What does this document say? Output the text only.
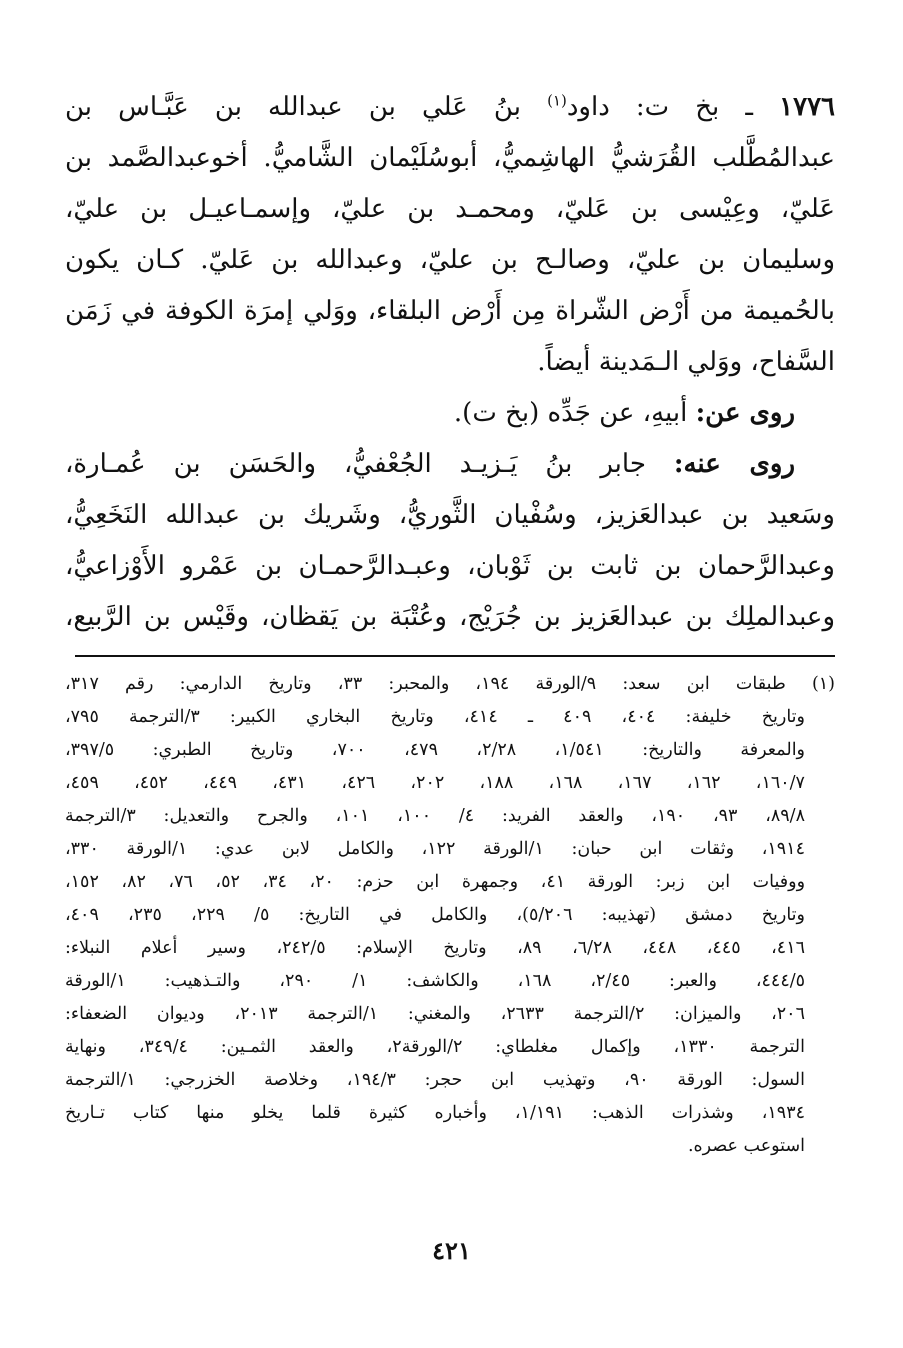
١٧٧٦ ـ بخ ت: داود$^{(١)}$ بنُ عَلي بن عبدالله بن عَبَّـاس بن
عبدالمُطَّلب القُرَشيُّ الهاشِميُّ، أبوسُلَيْمان الشَّاميُّ. أخوعبدالصَّمد بن
عَليّ، وعِيْسى بن عَليّ، ومحمـد بن عليّ، وإسمـاعيـل بن عليّ،
وسليمان بن عليّ، وصالـح بن عليّ، وعبدالله بن عَليّ. كـان يكون
بالحُميمة من أَرْض الشّراة مِن أَرْض البلقاء، ووَلي إمرَة الكوفة في زَمَن
السَّفاح، ووَلي الـمَدينة أيضاً.
روى عن: أبيهِ، عن جَدِّه (بخ ت).
روى عنه: جابر بنُ يَـزيـد الجُعْفيُّ، والحَسَن بن عُمـارة،
وسَعيد بن عبدالعَزيز، وسُفْيان الثَّوريُّ، وشَريك بن عبدالله النَخَعِيُّ،
وعبدالرَّحمان بن ثابت بن ثَوْبان، وعبـدالرَّحمـان بن عَمْرو الأَوْزاعيُّ،
وعبدالملِك بن عبدالعَزيز بن جُرَيْج، وعُتْبَة بن يَقظان، وقَيْس بن الرَّبيع،
(١) طبقات ابن سعد: ٩/الورقة ١٩٤، والمحبر: ٣٣، وتاريخ الدارمي: رقم ٣١٧،
وتاريخ خليفة: ٤٠٤، ٤٠٩ ـ ٤١٤، وتاريخ البخاري الكبير: ٣/الترجمة ٧٩٥،
والمعرفة والتاريخ: ١/٥٤١، ٢/٢٨، ٤٧٩، ٧٠٠، وتاريخ الطبري: ٣٩٧/٥،
١٦٠/٧، ١٦٢، ١٦٧، ١٦٨، ١٨٨، ٢٠٢، ٤٢٦، ٤٣١، ٤٤٩، ٤٥٢، ٤٥٩،
٨٩/٨، ٩٣، ١٩٠، والعقد الفريد: ٤/ ١٠٠، ١٠١، والجرح والتعديل: ٣/الترجمة
١٩١٤، وثقات ابن حبان: ١/الورقة ١٢٢، والكامل لابن عدي: ١/الورقة ٣٣٠،
ووفيات ابن زبر: الورقة ٤١، وجمهرة ابن حزم: ٢٠، ٣٤، ٥٢، ٧٦، ٨٢، ١٥٢،
وتاريخ دمشق (تهذيبه: ٥/٢٠٦)، والكامل في التاريخ: ٥/ ٢٢٩، ٢٣٥، ٤٠٩،
٤١٦، ٤٤٥، ٤٤٨، ٦/٢٨، ٨٩، وتاريخ الإسلام: ٢٤٢/٥، وسير أعلام النبلاء:
٤٤٤/٥، والعبر: ٢/٤٥، ١٦٨، والكاشف: ١/ ٢٩٠، والتـذهيب: ١/الورقة
٢٠٦، والميزان: ٢/الترجمة ٢٦٣٣، والمغني: ١/الترجمة ٢٠١٣، وديوان الضعفاء:
الترجمة ١٣٣٠، وإكمال مغلطاي: ٢/الورقة٢، والعقد الثمـين: ٣٤٩/٤، ونهاية
السول: الورقة ٩٠، وتهذيب ابن حجر: ١٩٤/٣، وخلاصة الخزرجي: ١/الترجمة
١٩٣٤، وشذرات الذهب: ١/١٩١، وأخباره كثيرة قلما يخلو منها كتاب تـاريخ
استوعب عصره.
٤٢١
